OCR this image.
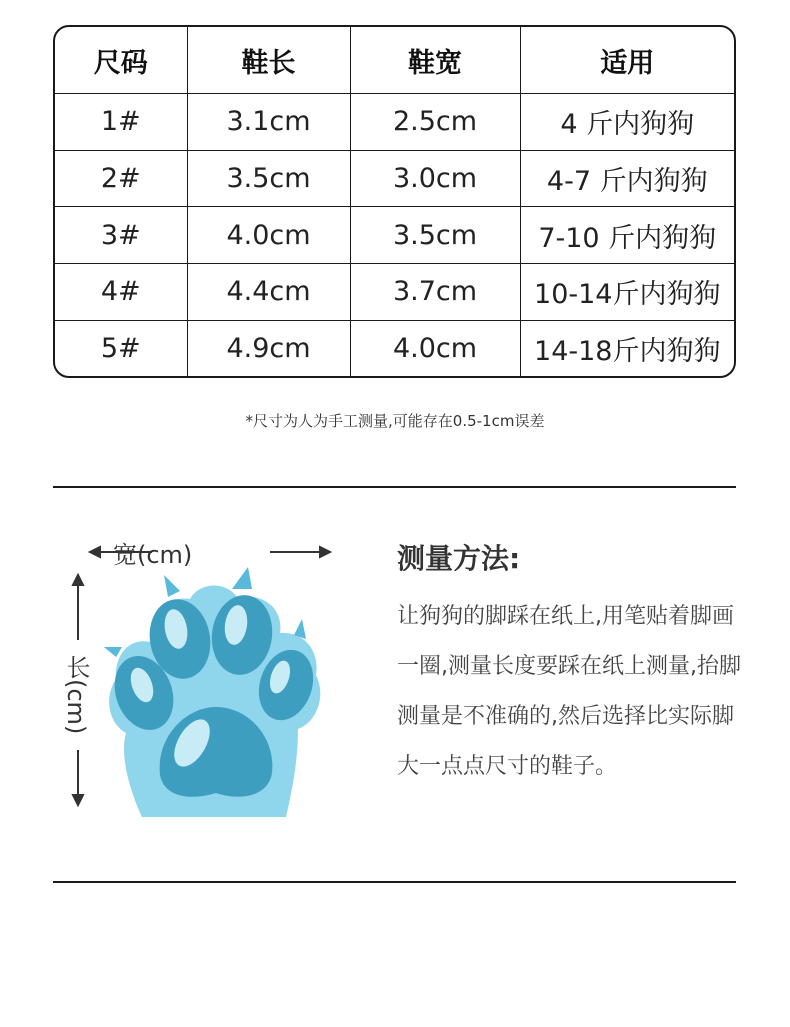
尺码	鞋长	鞋宽	适用
1#	3.1cm	2.5cm	4 斤内狗狗
2#	3.5cm	3.0cm	4-7 斤内狗狗
3#	4.0cm	3.5cm	7-10 斤内狗狗
4#	4.4cm	3.7cm	10-14斤内狗狗
5#	4.9cm	4.0cm	14-18斤内狗狗
*尺寸为人为手工测量,可能存在0.5-1cm误差
宽(cm)
长(cm)
测量方法:
让狗狗的脚踩在纸上,用笔贴着脚画一圈,测量长度要踩在纸上测量,抬脚测量是不准确的,然后选择比实际脚大一点点尺寸的鞋子。
